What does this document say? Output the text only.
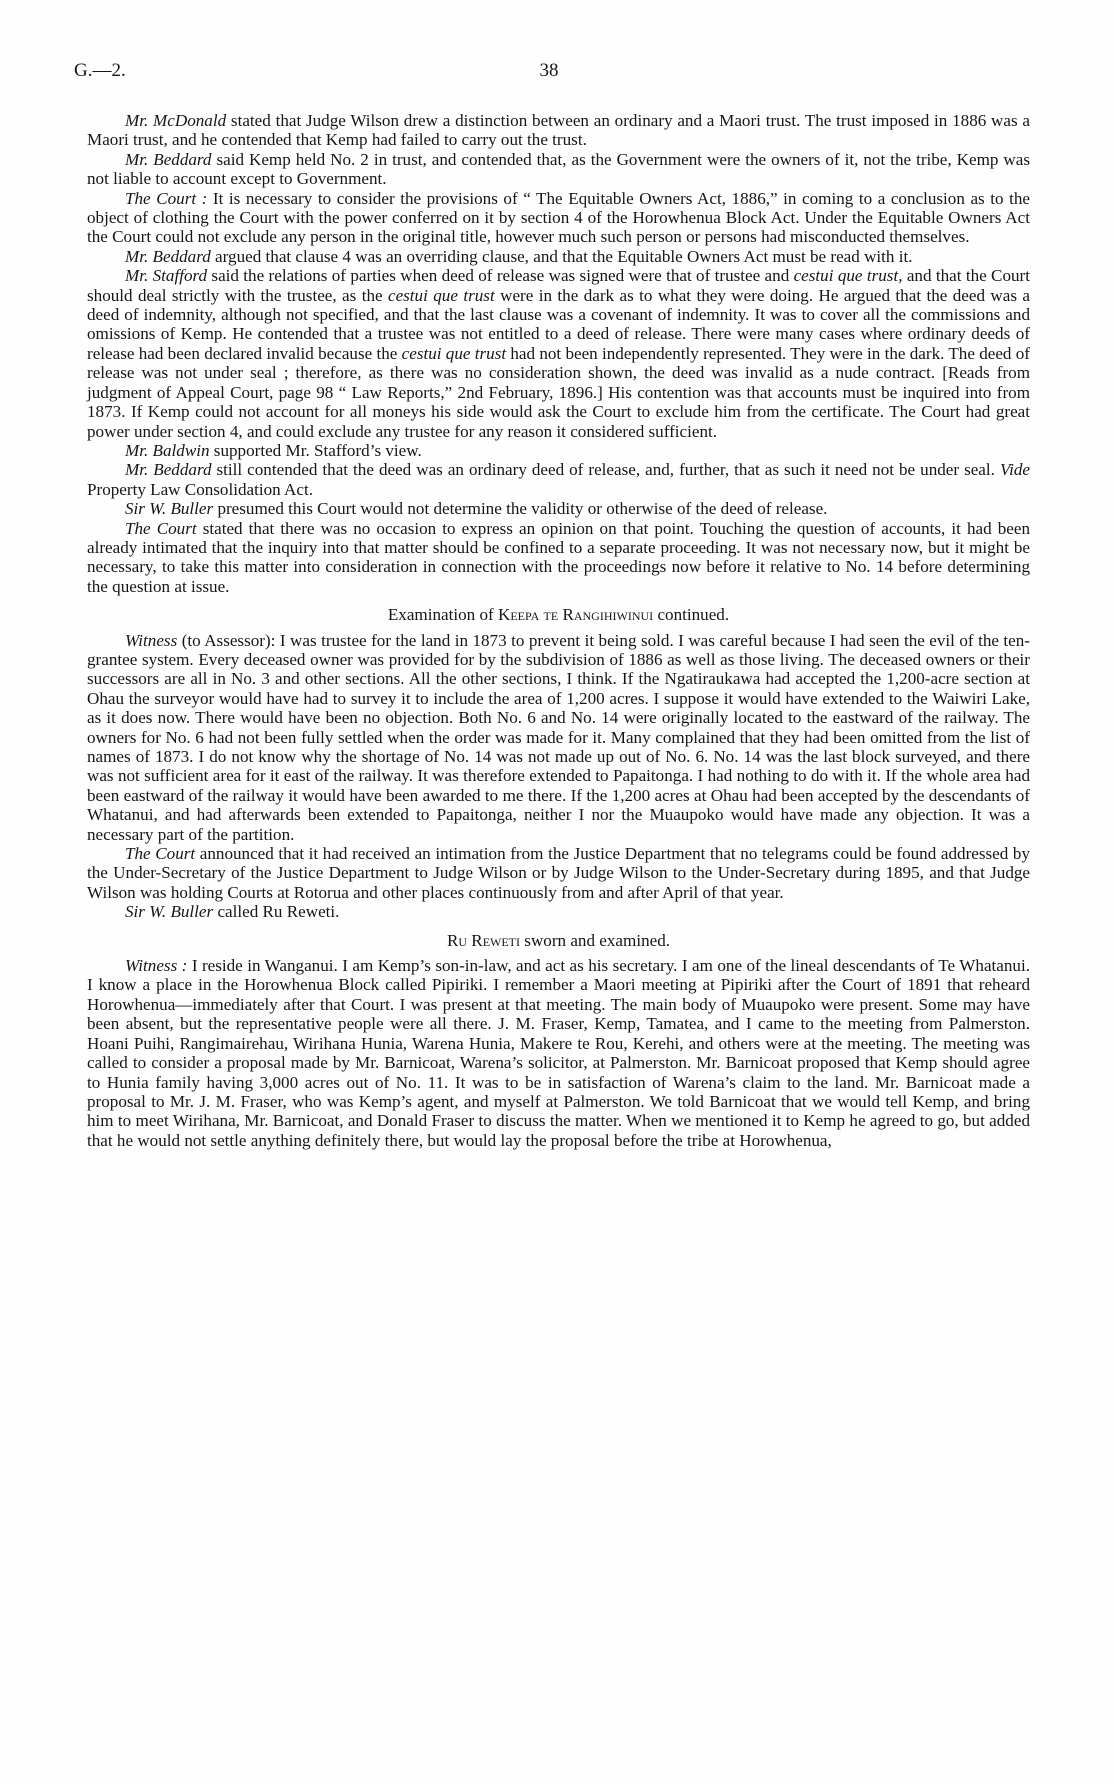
G.—2.	38

Mr. McDonald stated that Judge Wilson drew a distinction between an ordinary and a Maori trust. The trust imposed in 1886 was a Maori trust, and he contended that Kemp had failed to carry out the trust.

Mr. Beddard said Kemp held No. 2 in trust, and contended that, as the Government were the owners of it, not the tribe, Kemp was not liable to account except to Government.

The Court : It is necessary to consider the provisions of “ The Equitable Owners Act, 1886,” in coming to a conclusion as to the object of clothing the Court with the power conferred on it by section 4 of the Horowhenua Block Act. Under the Equitable Owners Act the Court could not exclude any person in the original title, however much such person or persons had misconducted themselves.

Mr. Beddard argued that clause 4 was an overriding clause, and that the Equitable Owners Act must be read with it.

Mr. Stafford said the relations of parties when deed of release was signed were that of trustee and cestui que trust, and that the Court should deal strictly with the trustee, as the cestui que trust were in the dark as to what they were doing. He argued that the deed was a deed of indemnity, although not specified, and that the last clause was a covenant of indemnity. It was to cover all the commissions and omissions of Kemp. He contended that a trustee was not entitled to a deed of release. There were many cases where ordinary deeds of release had been declared invalid because the cestui que trust had not been independently represented. They were in the dark. The deed of release was not under seal ; therefore, as there was no consideration shown, the deed was invalid as a nude contract. [Reads from judgment of Appeal Court, page 98 “ Law Reports,” 2nd February, 1896.] His contention was that accounts must be inquired into from 1873. If Kemp could not account for all moneys his side would ask the Court to exclude him from the certificate. The Court had great power under section 4, and could exclude any trustee for any reason it considered sufficient.

Mr. Baldwin supported Mr. Stafford’s view.

Mr. Beddard still contended that the deed was an ordinary deed of release, and, further, that as such it need not be under seal. Vide Property Law Consolidation Act.

Sir W. Buller presumed this Court would not determine the validity or otherwise of the deed of release.

The Court stated that there was no occasion to express an opinion on that point. Touching the question of accounts, it had been already intimated that the inquiry into that matter should be confined to a separate proceeding. It was not necessary now, but it might be necessary, to take this matter into consideration in connection with the proceedings now before it relative to No. 14 before determining the question at issue.

Examination of Keepa te Rangihiwinui continued.

Witness (to Assessor): I was trustee for the land in 1873 to prevent it being sold. I was careful because I had seen the evil of the ten-grantee system. Every deceased owner was provided for by the subdivision of 1886 as well as those living. The deceased owners or their successors are all in No. 3 and other sections. All the other sections, I think. If the Ngatiraukawa had accepted the 1,200-acre section at Ohau the surveyor would have had to survey it to include the area of 1,200 acres. I suppose it would have extended to the Waiwiri Lake, as it does now. There would have been no objection. Both No. 6 and No. 14 were originally located to the eastward of the railway. The owners for No. 6 had not been fully settled when the order was made for it. Many complained that they had been omitted from the list of names of 1873. I do not know why the shortage of No. 14 was not made up out of No. 6. No. 14 was the last block surveyed, and there was not sufficient area for it east of the railway. It was therefore extended to Papaitonga. I had nothing to do with it. If the whole area had been eastward of the railway it would have been awarded to me there. If the 1,200 acres at Ohau had been accepted by the descendants of Whatanui, and had afterwards been extended to Papaitonga, neither I nor the Muaupoko would have made any objection. It was a necessary part of the partition.

The Court announced that it had received an intimation from the Justice Department that no telegrams could be found addressed by the Under-Secretary of the Justice Department to Judge Wilson or by Judge Wilson to the Under-Secretary during 1895, and that Judge Wilson was holding Courts at Rotorua and other places continuously from and after April of that year.

Sir W. Buller called Ru Reweti.

Ru Reweti sworn and examined.

Witness : I reside in Wanganui. I am Kemp’s son-in-law, and act as his secretary. I am one of the lineal descendants of Te Whatanui. I know a place in the Horowhenua Block called Pipiriki. I remember a Maori meeting at Pipiriki after the Court of 1891 that reheard Horowhenua—immediately after that Court. I was present at that meeting. The main body of Muaupoko were present. Some may have been absent, but the representative people were all there. J. M. Fraser, Kemp, Tamatea, and I came to the meeting from Palmerston. Hoani Puihi, Rangimairehau, Wirihana Hunia, Warena Hunia, Makere te Rou, Kerehi, and others were at the meeting. The meeting was called to consider a proposal made by Mr. Barnicoat, Warena’s solicitor, at Palmerston. Mr. Barnicoat proposed that Kemp should agree to Hunia family having 3,000 acres out of No. 11. It was to be in satisfaction of Warena’s claim to the land. Mr. Barnicoat made a proposal to Mr. J. M. Fraser, who was Kemp’s agent, and myself at Palmerston. We told Barnicoat that we would tell Kemp, and bring him to meet Wirihana, Mr. Barnicoat, and Donald Fraser to discuss the matter. When we mentioned it to Kemp he agreed to go, but added that he would not settle anything definitely there, but would lay the proposal before the tribe at Horowhenua,
